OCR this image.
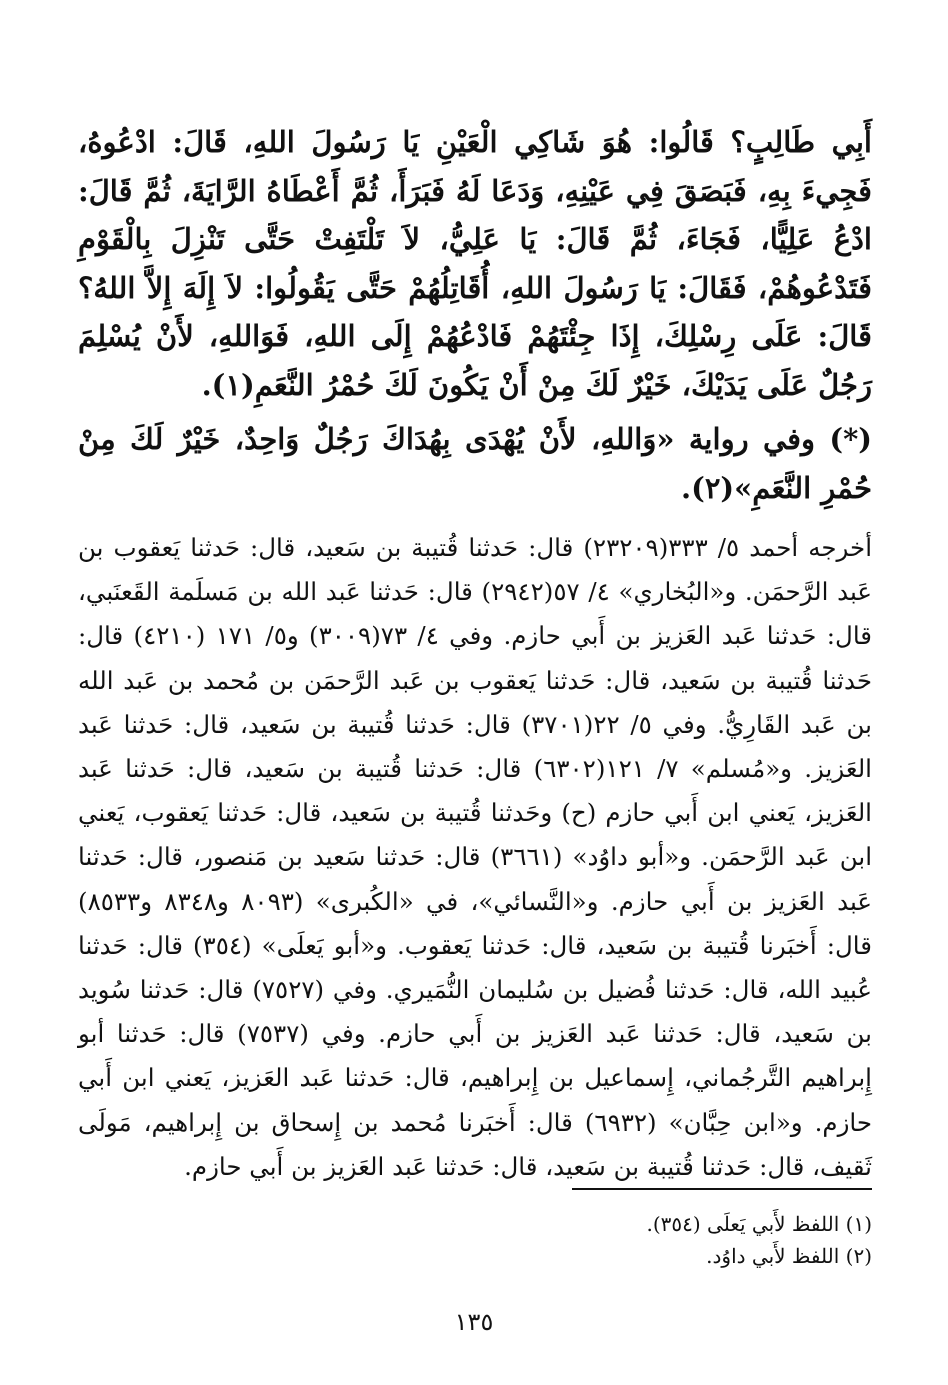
أَبِي طَالِبٍ؟ قَالُوا: هُوَ شَاكِي الْعَيْنِ يَا رَسُولَ اللهِ، قَالَ: ادْعُوهُ، فَجِيءَ بِهِ، فَبَصَقَ فِي عَيْنِهِ، وَدَعَا لَهُ فَبَرَأَ، ثُمَّ أَعْطَاهُ الرَّايَةَ، ثُمَّ قَالَ: ادْعُ عَلِيًّا، فَجَاءَ، ثُمَّ قَالَ: يَا عَلِيُّ، لاَ تَلْتَفِتْ حَتَّى تَنْزِلَ بِالْقَوْمِ فَتَدْعُوهُمْ، فَقَالَ: يَا رَسُولَ اللهِ، أُقَاتِلُهُمْ حَتَّى يَقُولُوا: لاَ إِلَهَ إِلاَّ اللهُ؟ قَالَ: عَلَى رِسْلِكَ، إِذَا جِئْتَهُمْ فَادْعُهُمْ إِلَى اللهِ، فَوَاللهِ، لأَنْ يُسْلِمَ رَجُلٌ عَلَى يَدَيْكَ، خَيْرٌ لَكَ مِنْ أَنْ يَكُونَ لَكَ حُمْرُ النَّعَمِ(١).

(*) وفي رواية «وَاللهِ، لأَنْ يُهْدَى بِهُدَاكَ رَجُلٌ وَاحِدٌ، خَيْرٌ لَكَ مِنْ حُمْرِ النَّعَمِ»(٢).

أخرجه أحمد ٥/ ٣٣٣(٢٣٢٠٩) قال: حَدثنا قُتيبة بن سَعيد، قال: حَدثنا يَعقوب بن عَبد الرَّحمَن. و«البُخاري» ٤/ ٥٧(٢٩٤٢) قال: حَدثنا عَبد الله بن مَسلَمة القَعنَبي، قال: حَدثنا عَبد العَزيز بن أَبي حازم. وفي ٤/ ٧٣(٣٠٠٩) و٥/ ١٧١ (٤٢١٠) قال: حَدثنا قُتيبة بن سَعيد، قال: حَدثنا يَعقوب بن عَبد الرَّحمَن بن مُحمد بن عَبد الله بن عَبد القَارِيُّ. وفي ٥/ ٢٢(٣٧٠١) قال: حَدثنا قُتيبة بن سَعيد، قال: حَدثنا عَبد العَزيز. و«مُسلم» ٧/ ١٢١(٦٣٠٢) قال: حَدثنا قُتيبة بن سَعيد، قال: حَدثنا عَبد العَزيز، يَعني ابن أَبي حازم (ح) وحَدثنا قُتيبة بن سَعيد، قال: حَدثنا يَعقوب، يَعني ابن عَبد الرَّحمَن. و«أبو داوُد» (٣٦٦١) قال: حَدثنا سَعيد بن مَنصور، قال: حَدثنا عَبد العَزيز بن أَبي حازم. و«النَّسائي»، في «الكُبرى» (٨٠٩٣ و٨٣٤٨ و٨٥٣٣) قال: أَخبَرنا قُتيبة بن سَعيد، قال: حَدثنا يَعقوب. و«أبو يَعلَى» (٣٥٤) قال: حَدثنا عُبيد الله، قال: حَدثنا فُضيل بن سُليمان النُّمَيري. وفي (٧٥٢٧) قال: حَدثنا سُويد بن سَعيد، قال: حَدثنا عَبد العَزيز بن أَبي حازم. وفي (٧٥٣٧) قال: حَدثنا أبو إِبراهيم التَّرجُماني، إِسماعيل بن إِبراهيم، قال: حَدثنا عَبد العَزيز، يَعني ابن أَبي حازم. و«ابن حِبَّان» (٦٩٣٢) قال: أَخبَرنا مُحمد بن إِسحاق بن إِبراهيم، مَولَى ثَقيف، قال: حَدثنا قُتيبة بن سَعيد، قال: حَدثنا عَبد العَزيز بن أَبي حازم.

(١) اللفظ لأَبي يَعلَى (٣٥٤).
(٢) اللفظ لأَبي داوُد.
١٣٥
